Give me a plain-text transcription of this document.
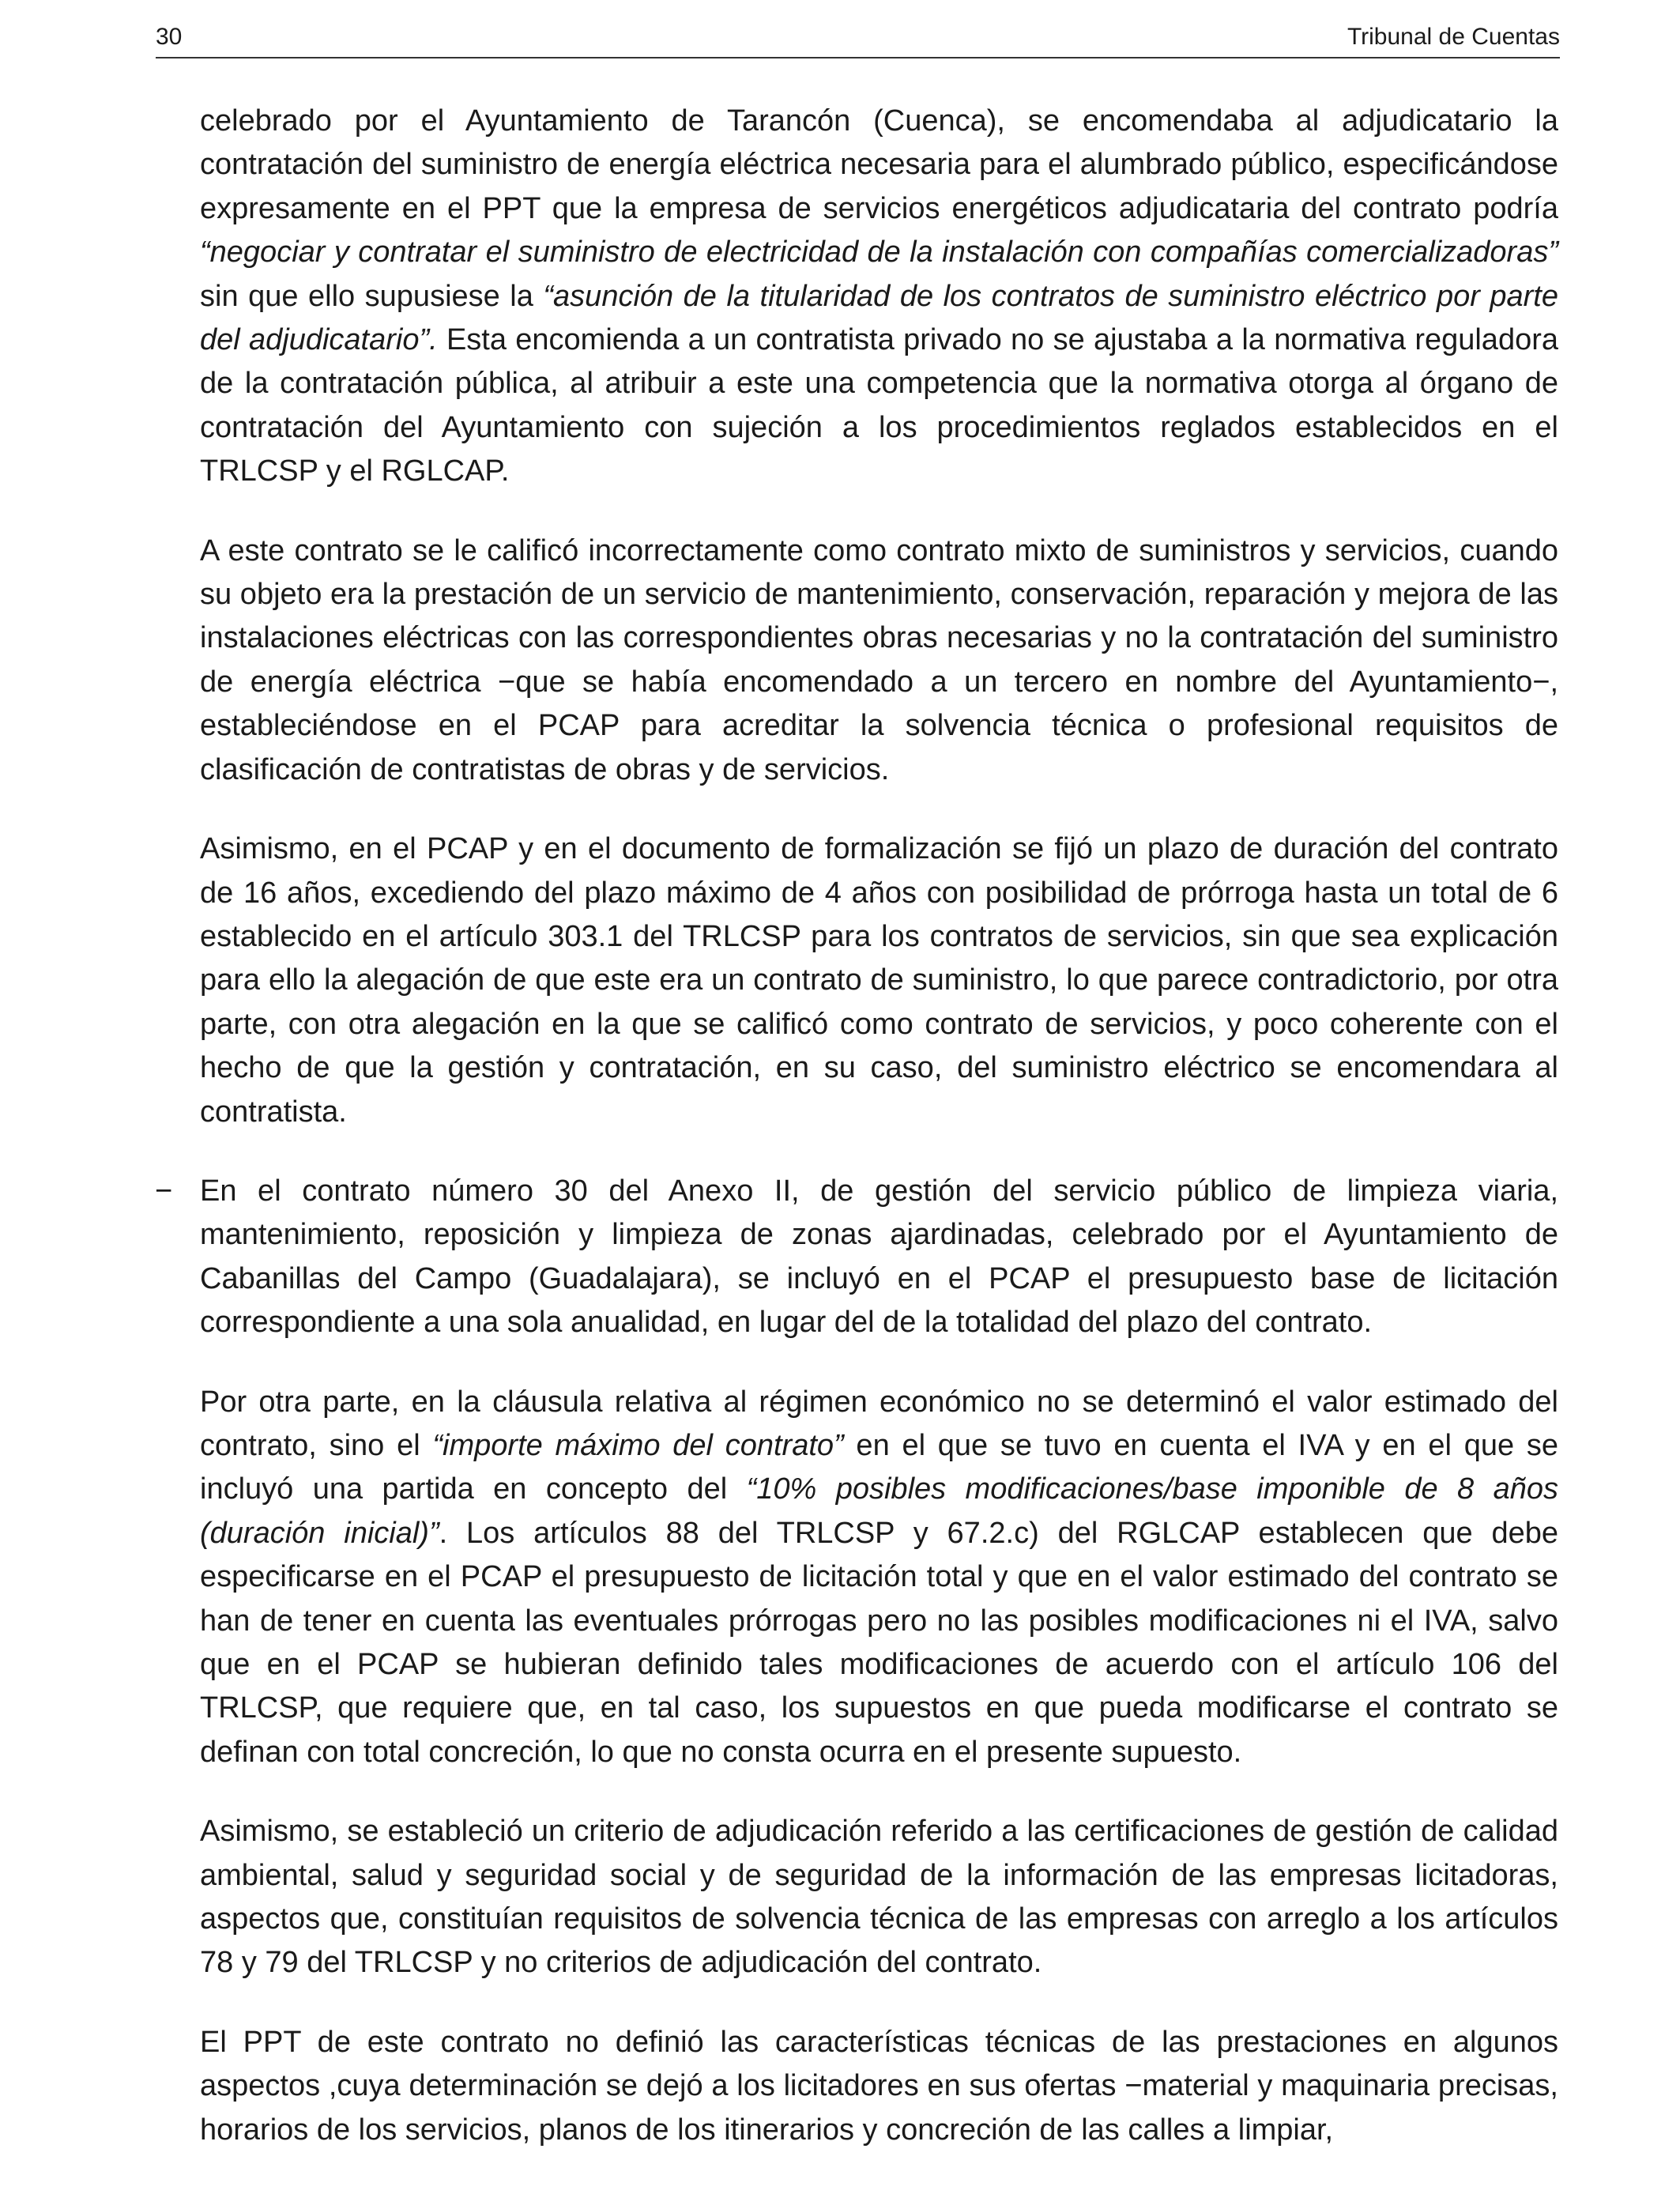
30	Tribunal de Cuentas

celebrado por el Ayuntamiento de Tarancón (Cuenca), se encomendaba al adjudicatario la contratación del suministro de energía eléctrica necesaria para el alumbrado público, especificándose expresamente en el PPT que la empresa de servicios energéticos adjudicataria del contrato podría “negociar y contratar el suministro de electricidad de la instalación con compañías comercializadoras” sin que ello supusiese la “asunción de la titularidad de los contratos de suministro eléctrico por parte del adjudicatario”. Esta encomienda a un contratista privado no se ajustaba a la normativa reguladora de la contratación pública, al atribuir a este una competencia que la normativa otorga al órgano de contratación del Ayuntamiento con sujeción a los procedimientos reglados establecidos en el TRLCSP y el RGLCAP.

A este contrato se le calificó incorrectamente como contrato mixto de suministros y servicios, cuando su objeto era la prestación de un servicio de mantenimiento, conservación, reparación y mejora de las instalaciones eléctricas con las correspondientes obras necesarias y no la contratación del suministro de energía eléctrica −que se había encomendado a un tercero en nombre del Ayuntamiento−, estableciéndose en el PCAP para acreditar la solvencia técnica o profesional requisitos de clasificación de contratistas de obras y de servicios.

Asimismo, en el PCAP y en el documento de formalización se fijó un plazo de duración del contrato de 16 años, excediendo del plazo máximo de 4 años con posibilidad de prórroga hasta un total de 6 establecido en el artículo 303.1 del TRLCSP para los contratos de servicios, sin que sea explicación para ello la alegación de que este era un contrato de suministro, lo que parece contradictorio, por otra parte, con otra alegación en la que se calificó como contrato de servicios, y poco coherente con el hecho de que la gestión y contratación, en su caso, del suministro eléctrico se encomendara al contratista.

− En el contrato número 30 del Anexo II, de gestión del servicio público de limpieza viaria, mantenimiento, reposición y limpieza de zonas ajardinadas, celebrado por el Ayuntamiento de Cabanillas del Campo (Guadalajara), se incluyó en el PCAP el presupuesto base de licitación correspondiente a una sola anualidad, en lugar del de la totalidad del plazo del contrato.

Por otra parte, en la cláusula relativa al régimen económico no se determinó el valor estimado del contrato, sino el “importe máximo del contrato” en el que se tuvo en cuenta el IVA y en el que se incluyó una partida en concepto del “10% posibles modificaciones/base imponible de 8 años (duración inicial)”. Los artículos 88 del TRLCSP y 67.2.c) del RGLCAP establecen que debe especificarse en el PCAP el presupuesto de licitación total y que en el valor estimado del contrato se han de tener en cuenta las eventuales prórrogas pero no las posibles modificaciones ni el IVA, salvo que en el PCAP se hubieran definido tales modificaciones de acuerdo con el artículo 106 del TRLCSP, que requiere que, en tal caso, los supuestos en que pueda modificarse el contrato se definan con total concreción, lo que no consta ocurra en el presente supuesto.

Asimismo, se estableció un criterio de adjudicación referido a las certificaciones de gestión de calidad ambiental, salud y seguridad social y de seguridad de la información de las empresas licitadoras, aspectos que, constituían requisitos de solvencia técnica de las empresas con arreglo a los artículos 78 y 79 del TRLCSP y no criterios de adjudicación del contrato.

El PPT de este contrato no definió las características técnicas de las prestaciones en algunos aspectos ,cuya determinación se dejó a los licitadores en sus ofertas −material y maquinaria precisas, horarios de los servicios, planos de los itinerarios y concreción de las calles a limpiar,
